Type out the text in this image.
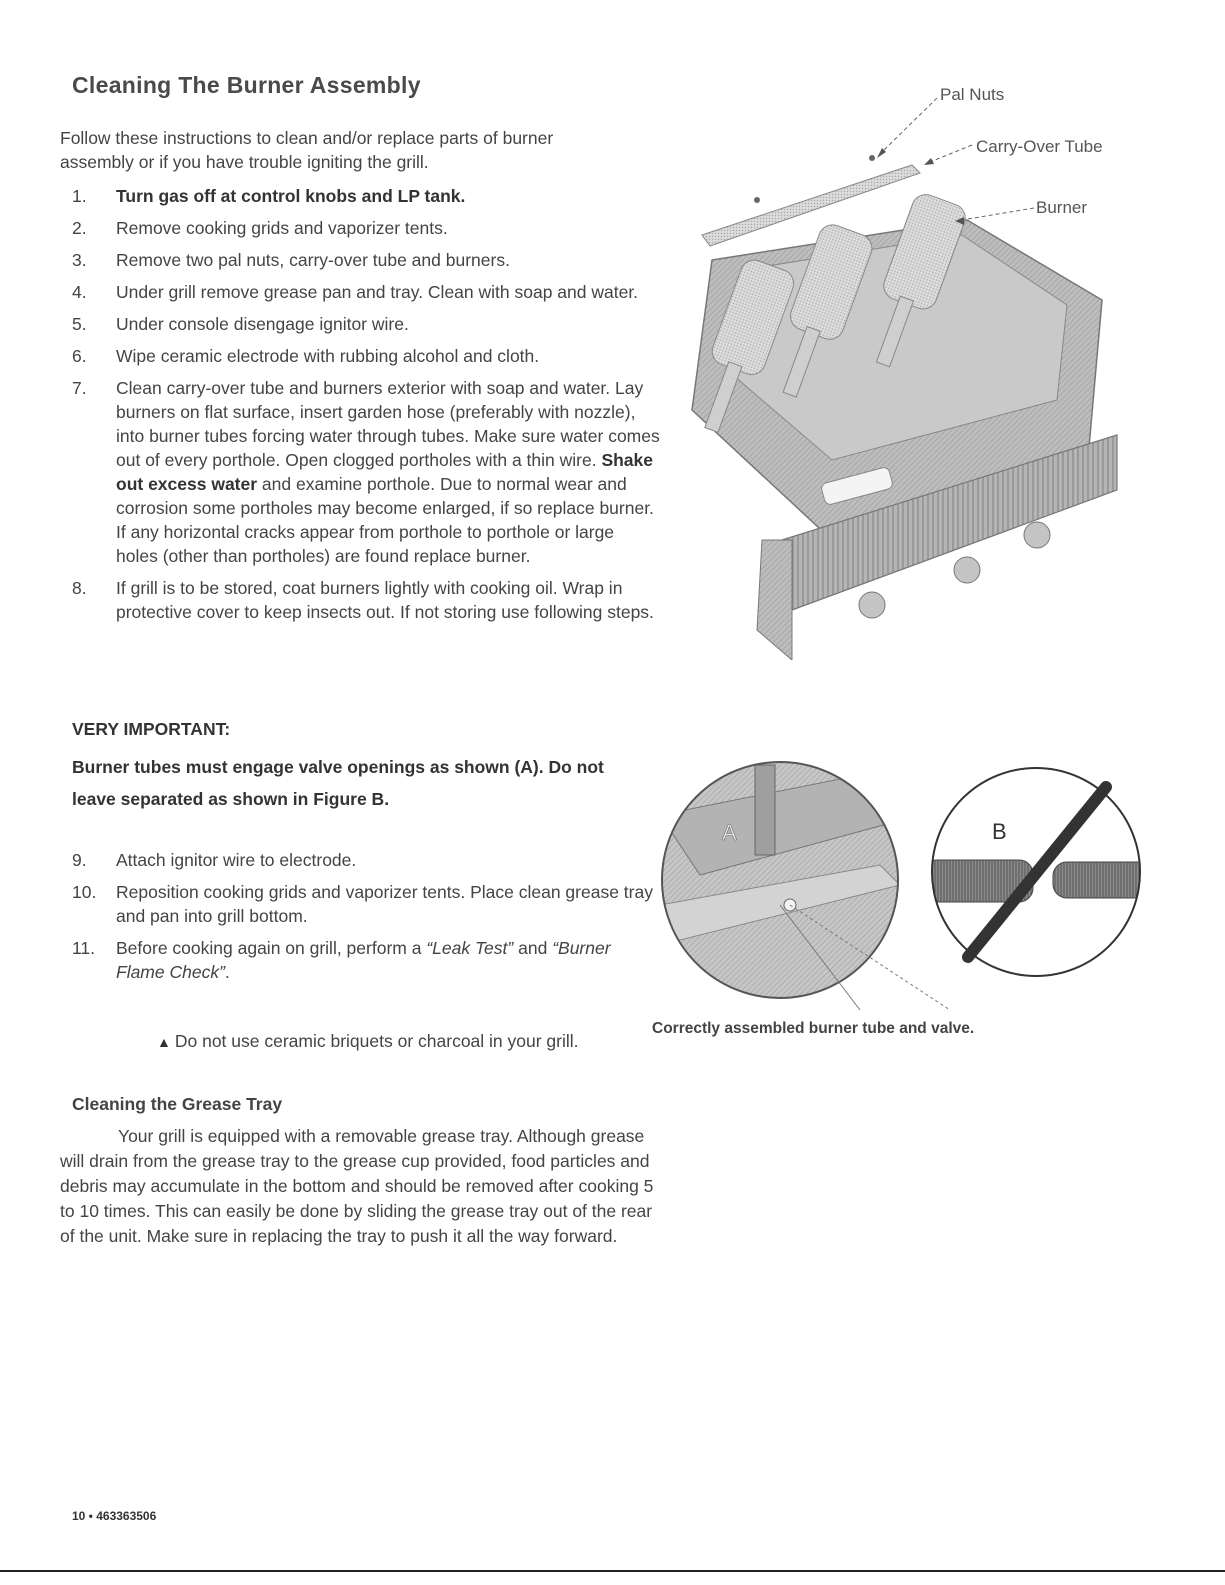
Cleaning The Burner Assembly
Follow these instructions to clean and/or replace parts of burner assembly or if you have trouble igniting the grill.
1. Turn gas off at control knobs and LP tank.
2. Remove cooking grids and vaporizer tents.
3. Remove two pal nuts, carry-over tube and burners.
4. Under grill remove grease pan and tray. Clean with soap and water.
5. Under console disengage ignitor wire.
6. Wipe ceramic electrode with rubbing alcohol and cloth.
7. Clean carry-over tube and burners exterior with soap and water. Lay burners on flat surface, insert garden hose (preferably with nozzle), into burner tubes forcing water through tubes. Make sure water comes out of every porthole. Open clogged portholes with a thin wire. Shake out excess water and examine porthole. Due to normal wear and corrosion some portholes may become enlarged, if so replace burner. If any horizontal cracks appear from porthole to porthole or large holes (other than portholes) are found replace burner.
8. If grill is to be stored, coat burners lightly with cooking oil. Wrap in protective cover to keep insects out. If not storing use following steps.
VERY IMPORTANT:
Burner tubes must engage valve openings as shown (A). Do not leave separated as shown in Figure B.
9. Attach ignitor wire to electrode.
10. Reposition cooking grids and vaporizer tents. Place clean grease tray and pan into grill bottom.
11. Before cooking again on grill, perform a “Leak Test” and “Burner Flame Check”.
▲ Do not use ceramic briquets or charcoal in your grill.
Pal Nuts
Carry-Over Tube
Burner
A	B
Correctly assembled burner tube and valve.
Cleaning the Grease Tray
Your grill is equipped with a removable grease tray. Although grease will drain from the grease tray to the grease cup provided, food particles and debris may accumulate in the bottom and should be removed after cooking 5 to 10 times. This can easily be done by sliding the grease tray out of the rear of the unit. Make sure in replacing the tray to push it all the way forward.
10 • 463363506
